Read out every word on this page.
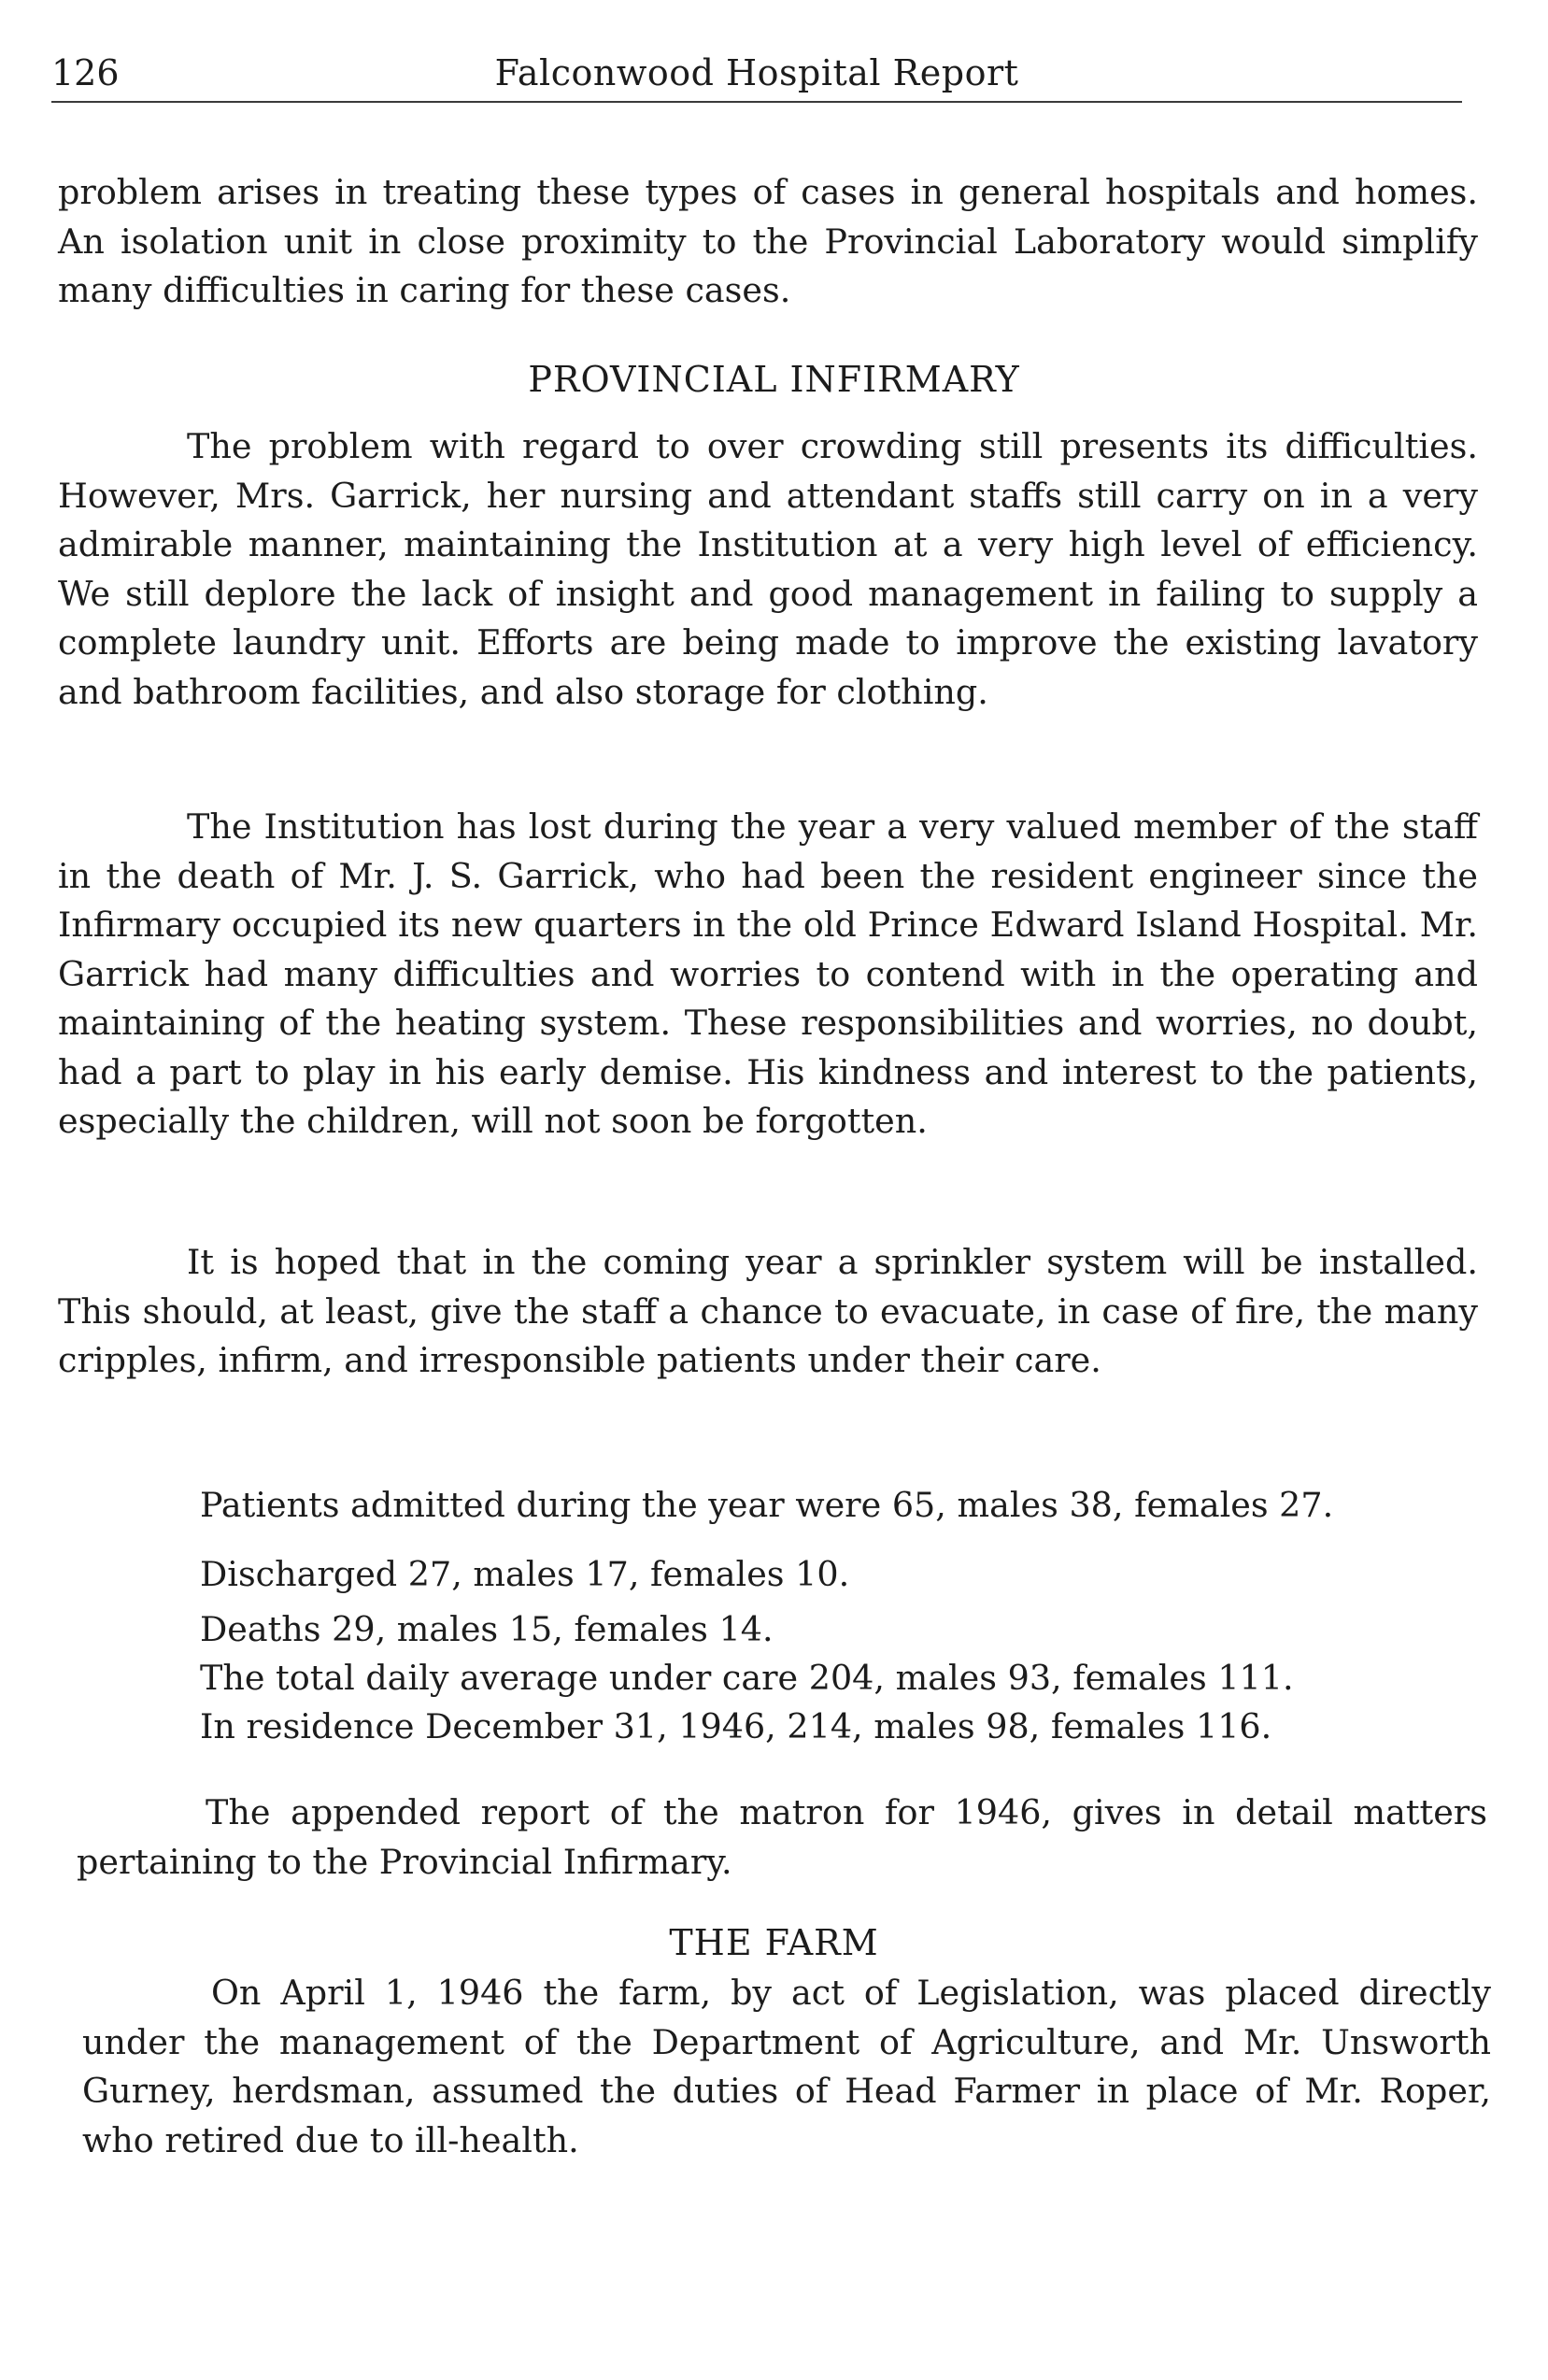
126	Falconwood Hospital Report

problem arises in treating these types of cases in general hospitals and homes. An isolation unit in close proximity to the Provincial Laboratory would simplify many difficulties in caring for these cases.

PROVINCIAL INFIRMARY

The problem with regard to over crowding still presents its difficulties. However, Mrs. Garrick, her nursing and attendant staffs still carry on in a very admirable manner, maintaining the Institution at a very high level of efficiency. We still deplore the lack of insight and good management in failing to supply a complete laundry unit. Efforts are being made to improve the existing lavatory and bathroom facilities, and also storage for clothing.

The Institution has lost during the year a very valued member of the staff in the death of Mr. J. S. Garrick, who had been the resident engineer since the Infirmary occupied its new quarters in the old Prince Edward Island Hospital. Mr. Garrick had many difficulties and worries to contend with in the operating and maintaining of the heating system. These responsibilities and worries, no doubt, had a part to play in his early demise. His kindness and interest to the patients, especially the children, will not soon be forgotten.

It is hoped that in the coming year a sprinkler system will be installed. This should, at least, give the staff a chance to evacuate, in case of fire, the many cripples, infirm, and irresponsible patients under their care.

Patients admitted during the year were 65, males 38, females 27.

Discharged 27, males 17, females 10.

Deaths 29, males 15, females 14.

The total daily average under care 204, males 93, females 111.

In residence December 31, 1946, 214, males 98, females 116.

The appended report of the matron for 1946, gives in detail matters pertaining to the Provincial Infirmary.

THE FARM

On April 1, 1946 the farm, by act of Legislation, was placed directly under the management of the Department of Agriculture, and Mr. Unsworth Gurney, herdsman, assumed the duties of Head Farmer in place of Mr. Roper, who retired due to ill-health.
